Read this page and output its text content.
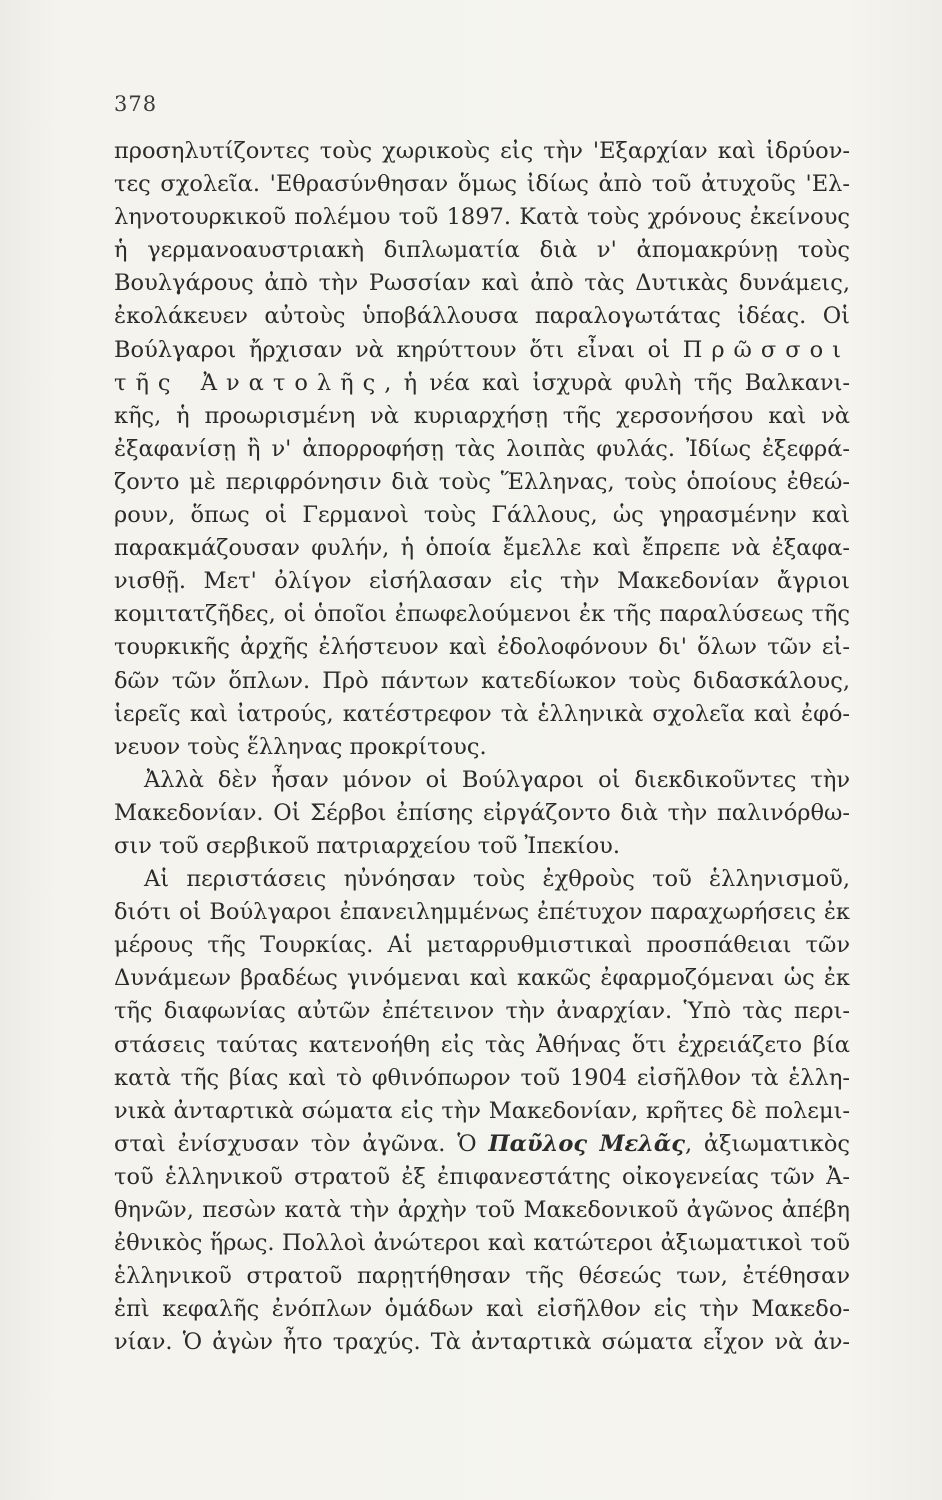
378
προσηλυτίζοντες τοὺς χωρικοὺς εἰς τὴν 'Εξαρχίαν καὶ ἱδρύον-
τες σχολεῖα. 'Εθρασύνθησαν ὅμως ἰδίως ἀπὸ τοῦ ἀτυχοῦς 'Ελ-
ληνοτουρκικοῦ πολέμου τοῦ 1897. Κατὰ τοὺς χρόνους ἐκείνους
ἡ γερμανοαυστριακὴ διπλωματία διὰ ν' ἀπομακρύνῃ τοὺς
Βουλγάρους ἀπὸ τὴν Ρωσσίαν καὶ ἀπὸ τὰς Δυτικὰς δυνάμεις,
ἐκολάκευεν αὐτοὺς ὑποβάλλουσα παραλογωτάτας ἰδέας. Οἱ
Βούλγαροι ἤρχισαν νὰ κηρύττουν ὅτι εἶναι οἱ Πρῶσσοι
τῆς Ἀνατολῆς, ἡ νέα καὶ ἰσχυρὰ φυλὴ τῆς Βαλκανι-
κῆς, ἡ προωρισμένη νὰ κυριαρχήσῃ τῆς χερσονήσου καὶ νὰ
ἐξαφανίσῃ ἢ ν' ἀπορροφήσῃ τὰς λοιπὰς φυλάς. Ἰδίως ἐξεφρά-
ζοντο μὲ περιφρόνησιν διὰ τοὺς Ἕλληνας, τοὺς ὁποίους ἐθεώ-
ρουν, ὅπως οἱ Γερμανοὶ τοὺς Γάλλους, ὡς γηρασμένην καὶ
παρακμάζουσαν φυλήν, ἡ ὁποία ἔμελλε καὶ ἔπρεπε νὰ ἐξαφα-
νισθῇ. Μετ' ὀλίγον εἰσήλασαν εἰς τὴν Μακεδονίαν ἄγριοι
κομιτατζῆδες, οἱ ὁποῖοι ἐπωφελούμενοι ἐκ τῆς παραλύσεως τῆς
τουρκικῆς ἀρχῆς ἐλήστευον καὶ ἐδολοφόνουν δι' ὅλων τῶν εἰ-
δῶν τῶν ὅπλων. Πρὸ πάντων κατεδίωκον τοὺς διδασκάλους,
ἱερεῖς καὶ ἰατρούς, κατέστρεφον τὰ ἑλληνικὰ σχολεῖα καὶ ἐφό-
νευον τοὺς ἕλληνας προκρίτους.
Ἀλλὰ δὲν ἦσαν μόνον οἱ Βούλγαροι οἱ διεκδικοῦντες τὴν
Μακεδονίαν. Οἱ Σέρβοι ἐπίσης εἰργάζοντο διὰ τὴν παλινόρθω-
σιν τοῦ σερβικοῦ πατριαρχείου τοῦ Ἰπεκίου.
Αἱ περιστάσεις ηὐνόησαν τοὺς ἐχθροὺς τοῦ ἑλληνισμοῦ,
διότι οἱ Βούλγαροι ἐπανειλημμένως ἐπέτυχον παραχωρήσεις ἐκ
μέρους τῆς Τουρκίας. Αἱ μεταρρυθμιστικαὶ προσπάθειαι τῶν
Δυνάμεων βραδέως γινόμεναι καὶ κακῶς ἐφαρμοζόμεναι ὡς ἐκ
τῆς διαφωνίας αὐτῶν ἐπέτεινον τὴν ἀναρχίαν. Ὑπὸ τὰς περι-
στάσεις ταύτας κατενοήθη εἰς τὰς Ἀθήνας ὅτι ἐχρειάζετο βία
κατὰ τῆς βίας καὶ τὸ φθινόπωρον τοῦ 1904 εἰσῆλθον τὰ ἑλλη-
νικὰ ἀνταρτικὰ σώματα εἰς τὴν Μακεδονίαν, κρῆτες δὲ πολεμι-
σταὶ ἐνίσχυσαν τὸν ἀγῶνα. Ὁ Παῦλος Μελᾶς, ἀξιωματικὸς
τοῦ ἑλληνικοῦ στρατοῦ ἐξ ἐπιφανεστάτης οἰκογενείας τῶν Ἀ-
θηνῶν, πεσὼν κατὰ τὴν ἀρχὴν τοῦ Μακεδονικοῦ ἀγῶνος ἀπέβη
ἐθνικὸς ἥρως. Πολλοὶ ἀνώτεροι καὶ κατώτεροι ἀξιωματικοὶ τοῦ
ἑλληνικοῦ στρατοῦ παρῃτήθησαν τῆς θέσεώς των, ἐτέθησαν
ἐπὶ κεφαλῆς ἐνόπλων ὁμάδων καὶ εἰσῆλθον εἰς τὴν Μακεδο-
νίαν. Ὁ ἀγὼν ἦτο τραχύς. Τὰ ἀνταρτικὰ σώματα εἶχον νὰ ἀν-
